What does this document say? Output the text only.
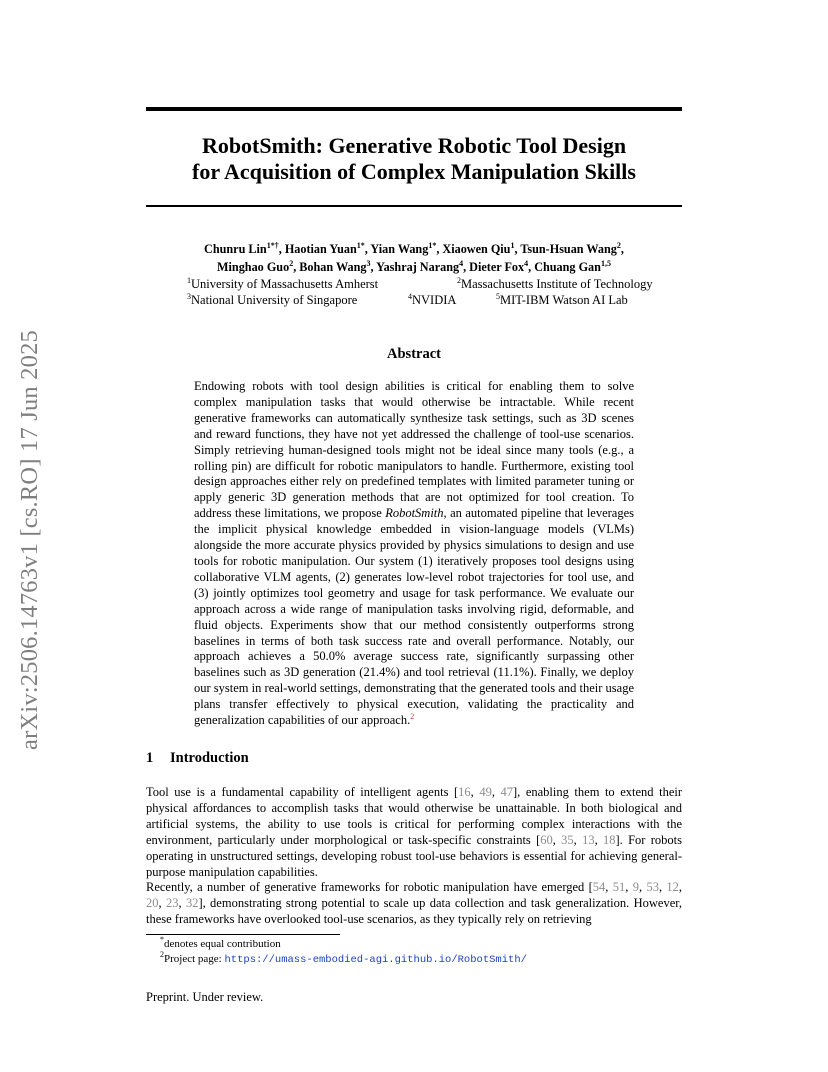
arXiv:2506.14763v1 [cs.RO] 17 Jun 2025
RobotSmith: Generative Robotic Tool Design
for Acquisition of Complex Manipulation Skills
Chunru Lin$^{1*\dagger}$, Haotian Yuan$^{1*}$, Yian Wang$^{1*}$, Xiaowen Qiu$^1$, Tsun-Hsuan Wang$^2$,
Minghao Guo$^2$, Bohan Wang$^3$, Yashraj Narang$^4$, Dieter Fox$^4$, Chuang Gan$^{1,5}$
$^1$University of Massachusetts Amherst	$^2$Massachusetts Institute of Technology
$^3$National University of Singapore	$^4$NVIDIA	$^5$MIT-IBM Watson AI Lab
Abstract
Endowing robots with tool design abilities is critical for enabling them to solve complex manipulation tasks that would otherwise be intractable. While recent generative frameworks can automatically synthesize task settings, such as 3D scenes and reward functions, they have not yet addressed the challenge of tool-use scenarios. Simply retrieving human-designed tools might not be ideal since many tools (e.g., a rolling pin) are difficult for robotic manipulators to handle. Furthermore, existing tool design approaches either rely on predefined templates with limited parameter tuning or apply generic 3D generation methods that are not optimized for tool creation. To address these limitations, we propose RobotSmith, an automated pipeline that leverages the implicit physical knowledge embedded in vision-language models (VLMs) alongside the more accurate physics provided by physics simulations to design and use tools for robotic manipulation. Our system (1) iteratively proposes tool designs using collaborative VLM agents, (2) generates low-level robot trajectories for tool use, and (3) jointly optimizes tool geometry and usage for task performance. We evaluate our approach across a wide range of manipulation tasks involving rigid, deformable, and fluid objects. Experiments show that our method consistently outperforms strong baselines in terms of both task success rate and overall performance. Notably, our approach achieves a 50.0% average success rate, significantly surpassing other baselines such as 3D generation (21.4%) and tool retrieval (11.1%). Finally, we deploy our system in real-world settings, demonstrating that the generated tools and their usage plans transfer effectively to physical execution, validating the practicality and generalization capabilities of our approach.$^2$
1 Introduction
Tool use is a fundamental capability of intelligent agents [16, 49, 47], enabling them to extend their physical affordances to accomplish tasks that would otherwise be unattainable. In both biological and artificial systems, the ability to use tools is critical for performing complex interactions with the environment, particularly under morphological or task-specific constraints [60, 35, 13, 18]. For robots operating in unstructured settings, developing robust tool-use behaviors is essential for achieving general-purpose manipulation capabilities.
Recently, a number of generative frameworks for robotic manipulation have emerged [54, 51, 9, 53, 12, 20, 23, 32], demonstrating strong potential to scale up data collection and task generalization. However, these frameworks have overlooked tool-use scenarios, as they typically rely on retrieving
*denotes equal contribution
$^2$Project page: https://umass-embodied-agi.github.io/RobotSmith/
Preprint. Under review.
